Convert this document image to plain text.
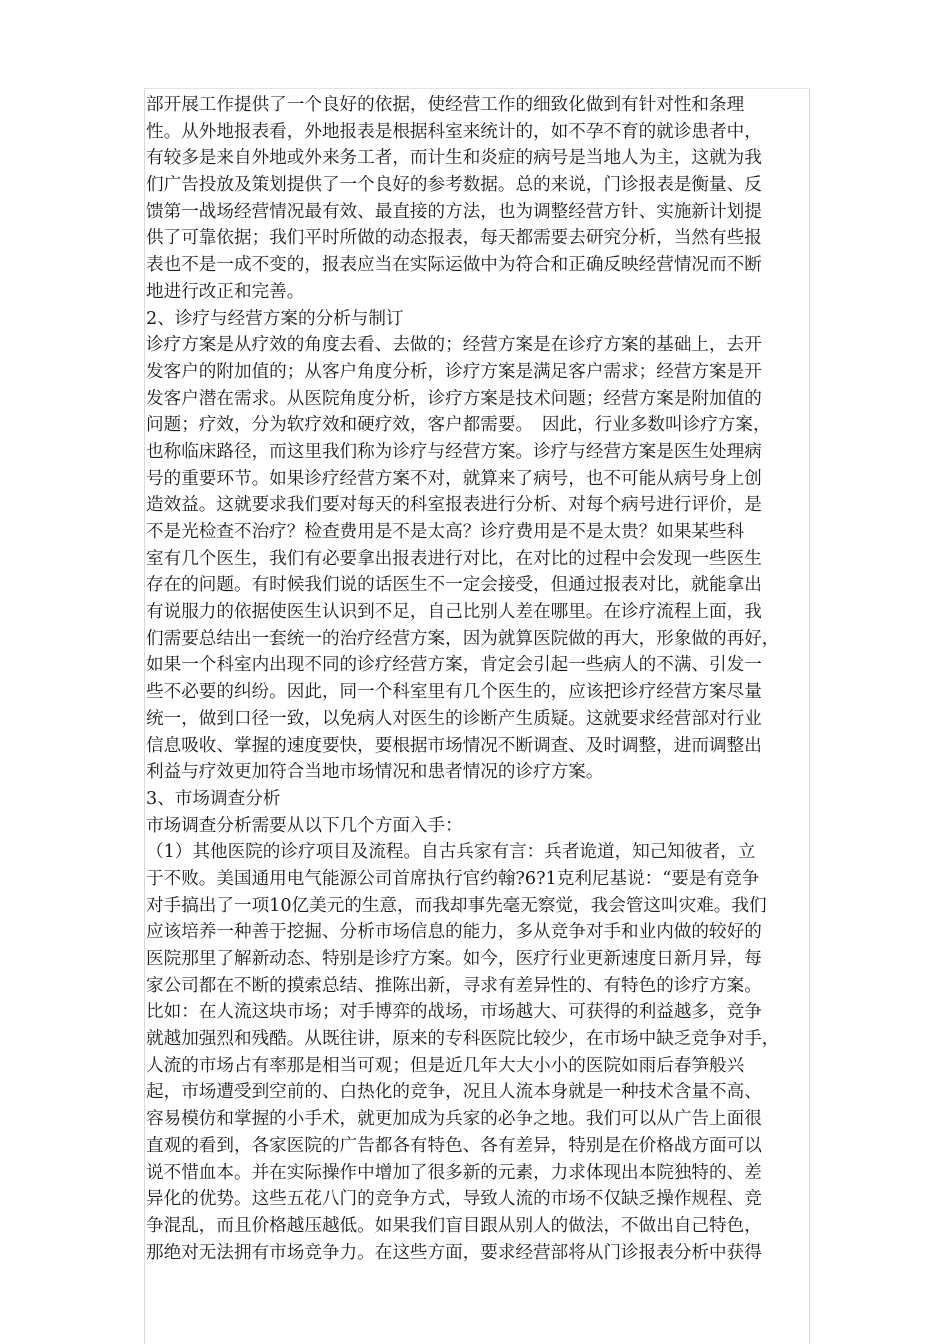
部开展工作提供了一个良好的依据，使经营工作的细致化做到有针对性和条理
性。从外地报表看，外地报表是根据科室来统计的，如不孕不育的就诊患者中，
有较多是来自外地或外来务工者，而计生和炎症的病号是当地人为主，这就为我
们广告投放及策划提供了一个良好的参考数据。总的来说，门诊报表是衡量、反
馈第一战场经营情况最有效、最直接的方法，也为调整经营方针、实施新计划提
供了可靠依据；我们平时所做的动态报表，每天都需要去研究分析，当然有些报
表也不是一成不变的，报表应当在实际运做中为符合和正确反映经营情况而不断
地进行改正和完善。
2、诊疗与经营方案的分析与制订
诊疗方案是从疗效的角度去看、去做的；经营方案是在诊疗方案的基础上，去开
发客户的附加值的；从客户角度分析，诊疗方案是满足客户需求；经营方案是开
发客户潜在需求。从医院角度分析，诊疗方案是技术问题；经营方案是附加值的
问题；疗效，分为软疗效和硬疗效，客户都需要。　因此，行业多数叫诊疗方案，
也称临床路径，而这里我们称为诊疗与经营方案。诊疗与经营方案是医生处理病
号的重要环节。如果诊疗经营方案不对，就算来了病号，也不可能从病号身上创
造效益。这就要求我们要对每天的科室报表进行分析、对每个病号进行评价，是
不是光检查不治疗？检查费用是不是太高？诊疗费用是不是太贵？如果某些科
室有几个医生，我们有必要拿出报表进行对比，在对比的过程中会发现一些医生
存在的问题。有时候我们说的话医生不一定会接受，但通过报表对比，就能拿出
有说服力的依据使医生认识到不足，自己比别人差在哪里。在诊疗流程上面，我
们需要总结出一套统一的治疗经营方案，因为就算医院做的再大，形象做的再好，
如果一个科室内出现不同的诊疗经营方案，肯定会引起一些病人的不满、引发一
些不必要的纠纷。因此，同一个科室里有几个医生的，应该把诊疗经营方案尽量
统一，做到口径一致，以免病人对医生的诊断产生质疑。这就要求经营部对行业
信息吸收、掌握的速度要快，要根据市场情况不断调查、及时调整，进而调整出
利益与疗效更加符合当地市场情况和患者情况的诊疗方案。
3、市场调查分析
市场调查分析需要从以下几个方面入手：
（1）其他医院的诊疗项目及流程。自古兵家有言：兵者诡道，知己知彼者，立
于不败。美国通用电气能源公司首席执行官约翰?6?1克利尼基说：“要是有竞争
对手搞出了一项10亿美元的生意，而我却事先毫无察觉，我会管这叫灾难。我们
应该培养一种善于挖掘、分析市场信息的能力，多从竞争对手和业内做的较好的
医院那里了解新动态、特别是诊疗方案。如今，医疗行业更新速度日新月异，每
家公司都在不断的摸索总结、推陈出新，寻求有差异性的、有特色的诊疗方案。
比如：在人流这块市场；对手博弈的战场，市场越大、可获得的利益越多，竞争
就越加强烈和残酷。从既往讲，原来的专科医院比较少，在市场中缺乏竞争对手，
人流的市场占有率那是相当可观；但是近几年大大小小的医院如雨后春笋般兴
起，市场遭受到空前的、白热化的竞争，况且人流本身就是一种技术含量不高、
容易模仿和掌握的小手术，就更加成为兵家的必争之地。我们可以从广告上面很
直观的看到，各家医院的广告都各有特色、各有差异，特别是在价格战方面可以
说不惜血本。并在实际操作中增加了很多新的元素，力求体现出本院独特的、差
异化的优势。这些五花八门的竞争方式，导致人流的市场不仅缺乏操作规程、竞
争混乱，而且价格越压越低。如果我们盲目跟从别人的做法，不做出自己特色，
那绝对无法拥有市场竞争力。在这些方面，要求经营部将从门诊报表分析中获得
